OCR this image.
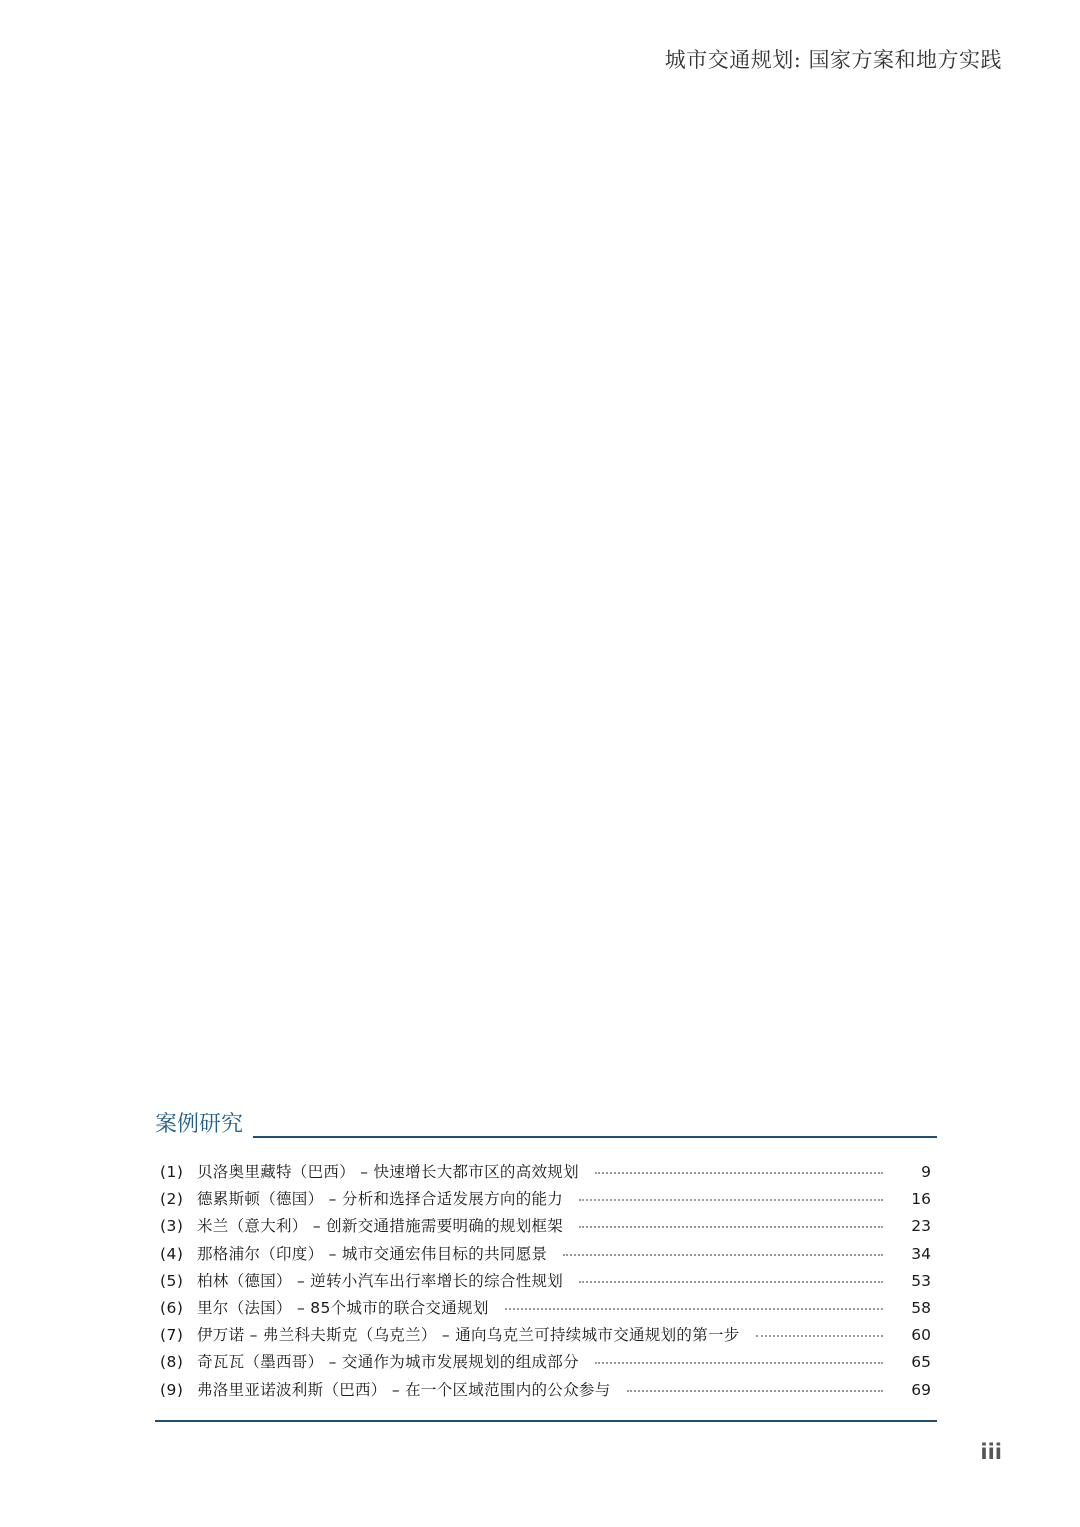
城市交通规划: 国家方案和地方实践
案例研究
(1) 贝洛奥里藏特（巴西） – 快速增长大都市区的高效规划	9
(2) 德累斯顿（德国） – 分析和选择合适发展方向的能力	16
(3) 米兰（意大利） – 创新交通措施需要明确的规划框架	23
(4) 那格浦尔（印度） – 城市交通宏伟目标的共同愿景	34
(5) 柏林（德国） – 逆转小汽车出行率增长的综合性规划	53
(6) 里尔（法国） – 85个城市的联合交通规划	58
(7) 伊万诺 – 弗兰科夫斯克（乌克兰） – 通向乌克兰可持续城市交通规划的第一步	60
(8) 奇瓦瓦（墨西哥） – 交通作为城市发展规划的组成部分	65
(9) 弗洛里亚诺波利斯（巴西） – 在一个区域范围内的公众参与	69
iii
